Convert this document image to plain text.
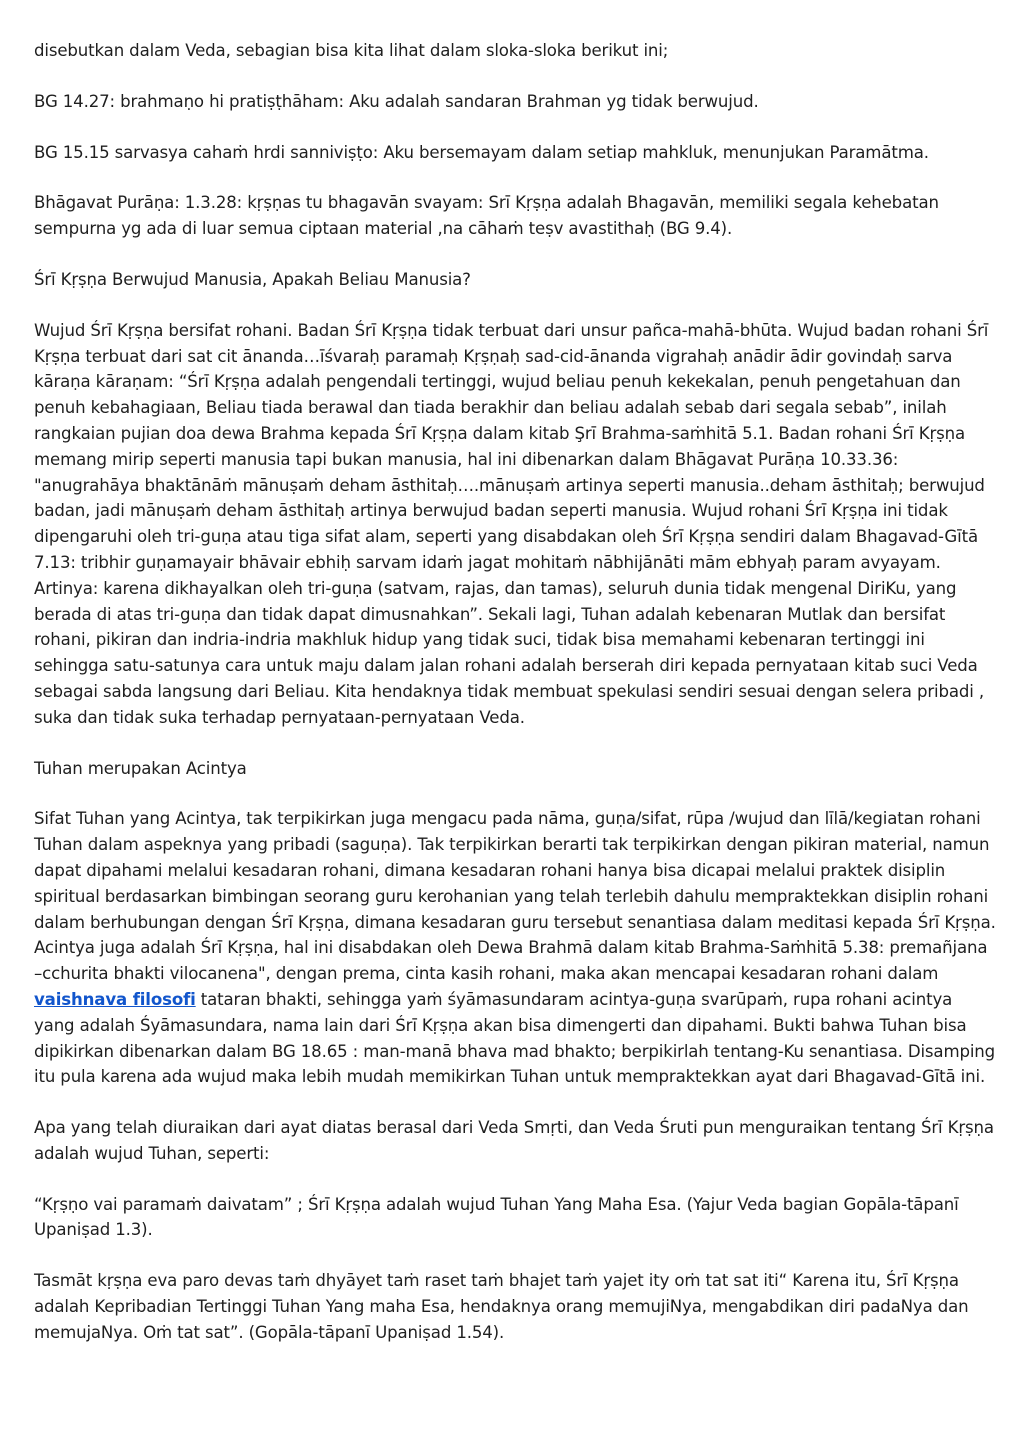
disebutkan dalam Veda, sebagian bisa kita lihat dalam sloka-sloka berikut ini;

BG 14.27: brahmaṇo hi pratiṣṭhāham: Aku adalah sandaran Brahman yg tidak berwujud.

BG 15.15 sarvasya cahaṁ hrdi sanniviṣṭo: Aku bersemayam dalam setiap mahkluk, menunjukan Paramātma.

Bhāgavat Purāṇa: 1.3.28: kṛṣṇas tu bhagavān svayam: Srī Kṛṣṇa adalah Bhagavān, memiliki segala kehebatan sempurna yg ada di luar semua ciptaan material ,na cāhaṁ teṣv avastithaḥ (BG 9.4).

Śrī Kṛṣṇa Berwujud Manusia, Apakah Beliau Manusia?

Wujud Śrī Kṛṣṇa bersifat rohani. Badan Śrī Kṛṣṇa tidak terbuat dari unsur pañca-mahā-bhūta. Wujud badan rohani Śrī Kṛṣṇa terbuat dari sat cit ānanda…īśvaraḥ paramaḥ Kṛṣṇaḥ sad-cid-ānanda vigrahaḥ anādir ādir govindaḥ sarva kāraṇa kāraṇam: “Śrī Kṛṣṇa adalah pengendali tertinggi, wujud beliau penuh kekekalan, penuh pengetahuan dan penuh kebahagiaan, Beliau tiada berawal dan tiada berakhir dan beliau adalah sebab dari segala sebab”, inilah rangkaian pujian doa dewa Brahma kepada Śrī Kṛṣṇa dalam kitab Şrī Brahma-saṁhitā 5.1. Badan rohani Śrī Kṛṣṇa memang mirip seperti manusia tapi bukan manusia, hal ini dibenarkan dalam Bhāgavat Purāṇa 10.33.36: "anugrahāya bhaktānāṁ mānuṣaṁ deham āsthitaḥ….mānuṣaṁ artinya seperti manusia..deham āsthitaḥ; berwujud badan, jadi mānuṣaṁ deham āsthitaḥ artinya berwujud badan seperti manusia. Wujud rohani Śrī Kṛṣṇa ini tidak dipengaruhi oleh tri-guṇa atau tiga sifat alam, seperti yang disabdakan oleh Śrī Kṛṣṇa sendiri dalam Bhagavad-Gītā 7.13: tribhir guṇamayair bhāvair ebhiḥ sarvam idaṁ jagat mohitaṁ nābhijānāti mām ebhyaḥ param avyayam. Artinya: karena dikhayalkan oleh tri-guṇa (satvam, rajas, dan tamas), seluruh dunia tidak mengenal DiriKu, yang berada di atas tri-guṇa dan tidak dapat dimusnahkan”. Sekali lagi, Tuhan adalah kebenaran Mutlak dan bersifat rohani, pikiran dan indria-indria makhluk hidup yang tidak suci, tidak bisa memahami kebenaran tertinggi ini sehingga satu-satunya cara untuk maju dalam jalan rohani adalah berserah diri kepada pernyataan kitab suci Veda sebagai sabda langsung dari Beliau. Kita hendaknya tidak membuat spekulasi sendiri sesuai dengan selera pribadi , suka dan tidak suka terhadap pernyataan-pernyataan Veda.

Tuhan merupakan Acintya

Sifat Tuhan yang Acintya, tak terpikirkan juga mengacu pada nāma, guṇa/sifat, rūpa /wujud dan līlā/kegiatan rohani Tuhan dalam aspeknya yang pribadi (saguṇa). Tak terpikirkan berarti tak terpikirkan dengan pikiran material, namun dapat dipahami melalui kesadaran rohani, dimana kesadaran rohani hanya bisa dicapai melalui praktek disiplin spiritual berdasarkan bimbingan seorang guru kerohanian yang telah terlebih dahulu mempraktekkan disiplin rohani dalam berhubungan dengan Śrī Kṛṣṇa, dimana kesadaran guru tersebut senantiasa dalam meditasi kepada Śrī Kṛṣṇa. Acintya juga adalah Śrī Kṛṣṇa, hal ini disabdakan oleh Dewa Brahmā dalam kitab Brahma-Saṁhitā 5.38: premañjana –cchurita bhakti vilocanena", dengan prema, cinta kasih rohani, maka akan mencapai kesadaran rohani dalam vaishnava filosofi tataran bhakti, sehingga yaṁ śyāmasundaram acintya-guṇa svarūpaṁ, rupa rohani acintya yang adalah Śyāmasundara, nama lain dari Śrī Kṛṣṇa akan bisa dimengerti dan dipahami. Bukti bahwa Tuhan bisa dipikirkan dibenarkan dalam BG 18.65 : man-manā bhava mad bhakto; berpikirlah tentang-Ku senantiasa. Disamping itu pula karena ada wujud maka lebih mudah memikirkan Tuhan untuk mempraktekkan ayat dari Bhagavad-Gītā ini.

Apa yang telah diuraikan dari ayat diatas berasal dari Veda Smṛti, dan Veda Śruti pun menguraikan tentang Śrī Kṛṣṇa adalah wujud Tuhan, seperti:

“Kṛṣṇo vai paramaṁ daivatam” ; Śrī Kṛṣṇa adalah wujud Tuhan Yang Maha Esa. (Yajur Veda bagian Gopāla-tāpanī Upaniṣad 1.3).

Tasmāt kṛṣṇa eva paro devas taṁ dhyāyet taṁ raset taṁ bhajet taṁ yajet ity oṁ tat sat iti“ Karena itu, Śrī Kṛṣṇa adalah Kepribadian Tertinggi Tuhan Yang maha Esa, hendaknya orang memujiNya, mengabdikan diri padaNya dan memujaNya. Oṁ tat sat”. (Gopāla-tāpanī Upaniṣad 1.54).
